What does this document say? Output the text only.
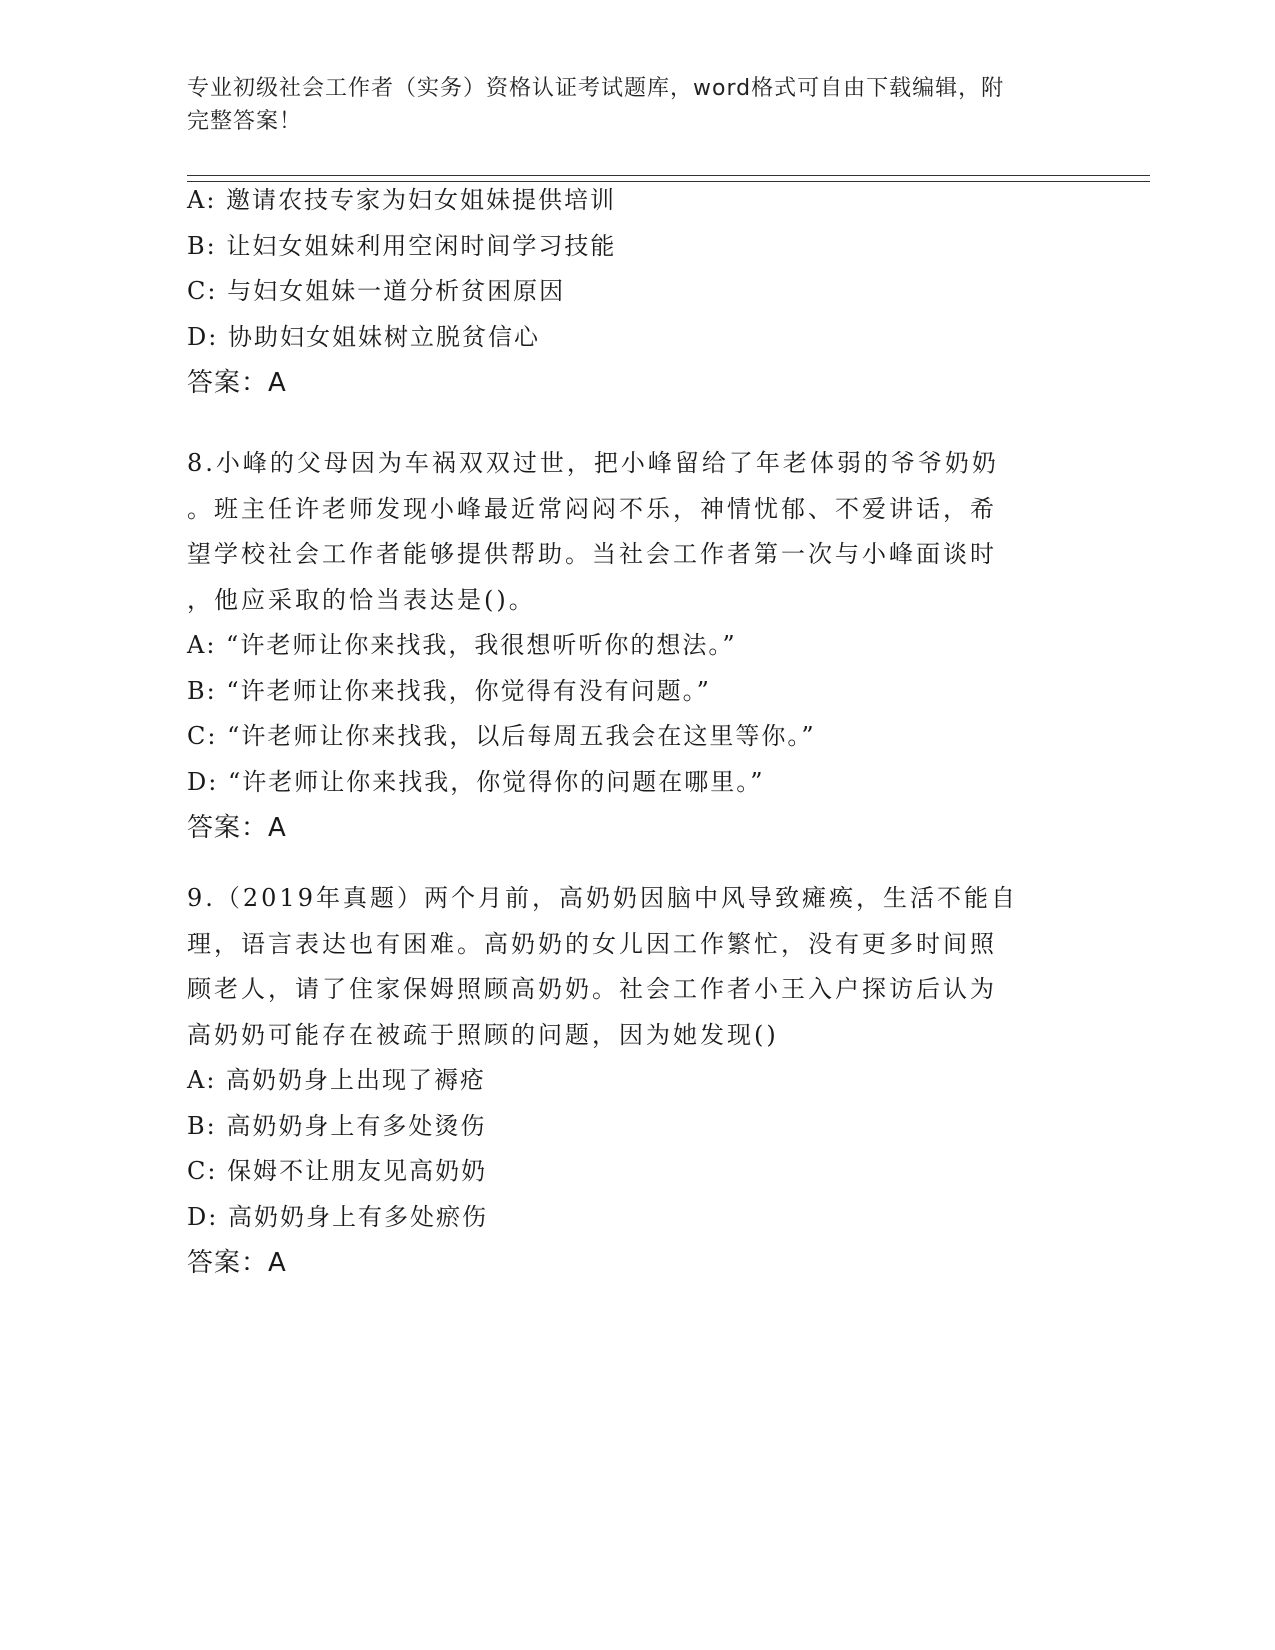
专业初级社会工作者（实务）资格认证考试题库，word格式可自由下载编辑，附
完整答案！
A: 邀请农技专家为妇女姐妹提供培训
B: 让妇女姐妹利用空闲时间学习技能
C: 与妇女姐妹一道分析贫困原因
D: 协助妇女姐妹树立脱贫信心
答案：A
8.小峰的父母因为车祸双双过世，把小峰留给了年老体弱的爷爷奶奶
。班主任许老师发现小峰最近常闷闷不乐，神情忧郁、不爱讲话，希
望学校社会工作者能够提供帮助。当社会工作者第一次与小峰面谈时
，他应采取的恰当表达是()。
A: “许老师让你来找我，我很想听听你的想法。”
B: “许老师让你来找我，你觉得有没有问题。”
C: “许老师让你来找我，以后每周五我会在这里等你。”
D: “许老师让你来找我，你觉得你的问题在哪里。”
答案：A
9.（2019年真题）两个月前，高奶奶因脑中风导致瘫痪，生活不能自
理，语言表达也有困难。高奶奶的女儿因工作繁忙，没有更多时间照
顾老人，请了住家保姆照顾高奶奶。社会工作者小王入户探访后认为
高奶奶可能存在被疏于照顾的问题，因为她发现()
A: 高奶奶身上出现了褥疮
B: 高奶奶身上有多处烫伤
C: 保姆不让朋友见高奶奶
D: 高奶奶身上有多处瘀伤
答案：A
